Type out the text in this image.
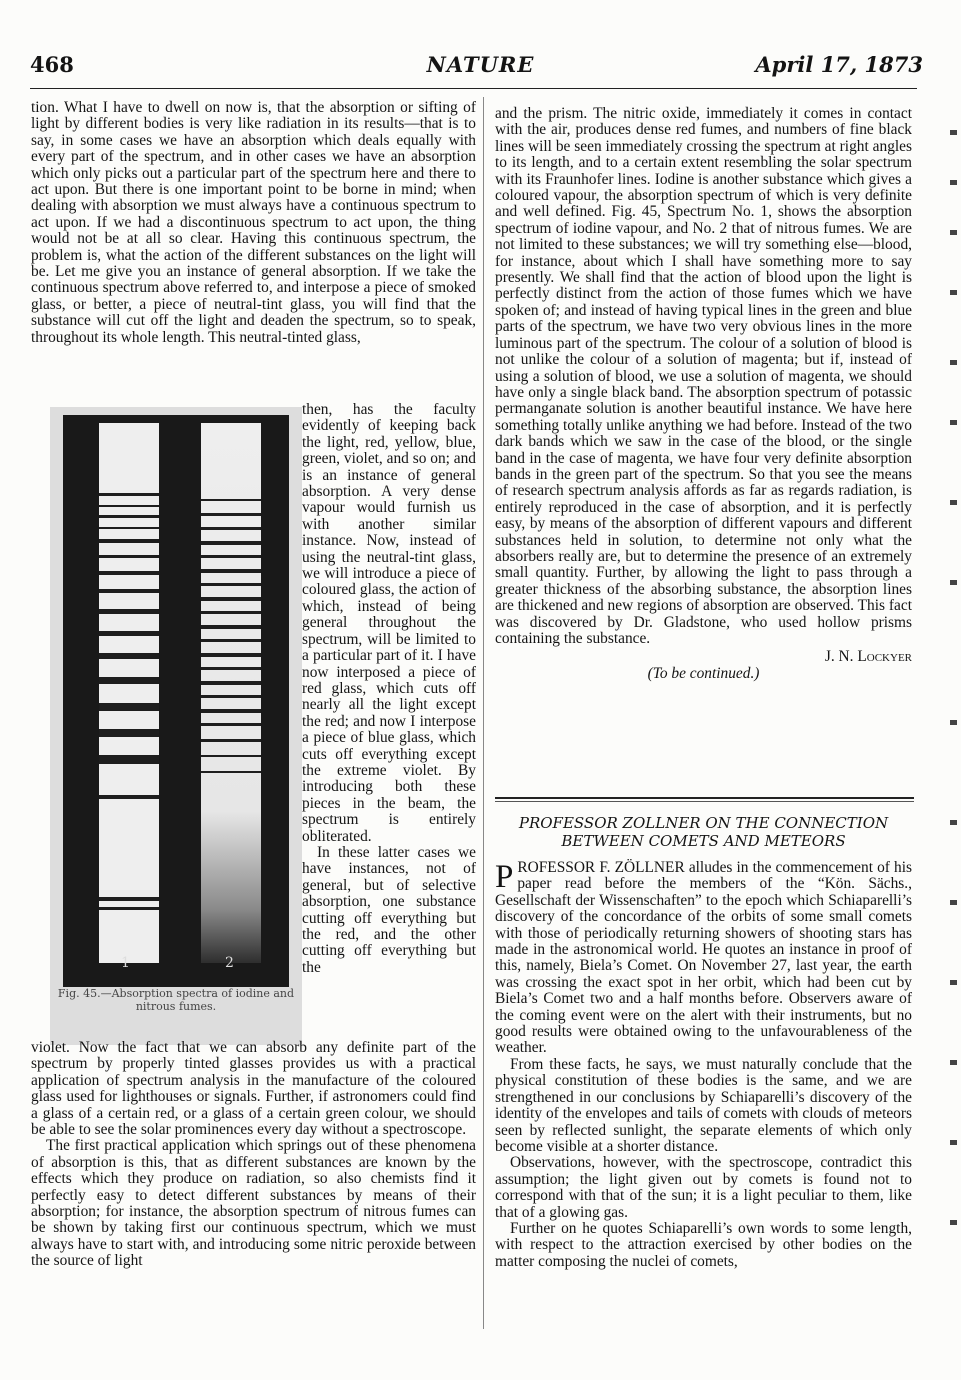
468	NATURE	April 17, 1873

tion. What I have to dwell on now is, that the absorption or sifting of light by different bodies is very like radiation in its results—that is to say, in some cases we have an absorption which deals equally with every part of the spectrum, and in other cases we have an absorption which only picks out a particular part of the spectrum here and there to act upon. But there is one important point to be borne in mind; when dealing with absorption we must always have a continuous spectrum to act upon. If we had a discontinuous spectrum to act upon, the thing would not be at all so clear. Having this continuous spectrum, the problem is, what the action of the different substances on the light will be. Let me give you an instance of general absorption. If we take the continuous spectrum above referred to, and interpose a piece of smoked glass, or better, a piece of neutral-tint glass, you will find that the substance will cut off the light and deaden the spectrum, so to speak, throughout its whole length. This neutral-tinted glass,

1	2
Fig. 45.—Absorption spectra of iodine and nitrous fumes.

then, has the faculty evidently of keeping back the light, red, yellow, blue, green, violet, and so on; and is an instance of general absorption. A very dense vapour would furnish us with another similar instance. Now, instead of using the neutral-tint glass, we will introduce a piece of coloured glass, the action of which, instead of being general throughout the spectrum, will be limited to a particular part of it. I have now interposed a piece of red glass, which cuts off nearly all the light except the red; and now I interpose a piece of blue glass, which cuts off everything except the extreme violet. By introducing both these pieces in the beam, the spectrum is entirely obliterated.

In these latter cases we have instances, not of general, but of selective absorption, one substance cutting off everything but the red, and the other cutting off everything but the

violet. Now the fact that we can absorb any definite part of the spectrum by properly tinted glasses provides us with a practical application of spectrum analysis in the manufacture of the coloured glass used for lighthouses or signals. Further, if astronomers could find a glass of a certain red, or a glass of a certain green colour, we should be able to see the solar prominences every day without a spectroscope.

The first practical application which springs out of these phenomena of absorption is this, that as different substances are known by the effects which they produce on radiation, so also chemists find it perfectly easy to detect different substances by means of their absorption; for instance, the absorption spectrum of nitrous fumes can be shown by taking first our continuous spectrum, which we must always have to start with, and introducing some nitric peroxide between the source of light

and the prism. The nitric oxide, immediately it comes in contact with the air, produces dense red fumes, and numbers of fine black lines will be seen immediately crossing the spectrum at right angles to its length, and to a certain extent resembling the solar spectrum with its Fraunhofer lines. Iodine is another substance which gives a coloured vapour, the absorption spectrum of which is very definite and well defined. Fig. 45, Spectrum No. 1, shows the absorption spectrum of iodine vapour, and No. 2 that of nitrous fumes. We are not limited to these substances; we will try something else—blood, for instance, about which I shall have something more to say presently. We shall find that the action of blood upon the light is perfectly distinct from the action of those fumes which we have spoken of; and instead of having typical lines in the green and blue parts of the spectrum, we have two very obvious lines in the more luminous part of the spectrum. The colour of a solution of blood is not unlike the colour of a solution of magenta; but if, instead of using a solution of blood, we use a solution of magenta, we should have only a single black band. The absorption spectrum of potassic permanganate solution is another beautiful instance. We have here something totally unlike anything we had before. Instead of the two dark bands which we saw in the case of the blood, or the single band in the case of magenta, we have four very definite absorption bands in the green part of the spectrum. So that you see the means of research spectrum analysis affords as far as regards radiation, is entirely reproduced in the case of absorption, and it is perfectly easy, by means of the absorption of different vapours and different substances held in solution, to determine not only what the absorbers really are, but to determine the presence of an extremely small quantity. Further, by allowing the light to pass through a greater thickness of the absorbing substance, the absorption lines are thickened and new regions of absorption are observed. This fact was discovered by Dr. Gladstone, who used hollow prisms containing the substance.

J. N. Lockyer

(To be continued.)

PROFESSOR ZOLLNER ON THE CONNECTION BETWEEN COMETS AND METEORS

PROFESSOR F. ZÖLLNER alludes in the commencement of his paper read before the members of the “Kön. Sächs., Gesellschaft der Wissenschaften” to the epoch which Schiaparelli’s discovery of the concordance of the orbits of some small comets with those of periodically returning showers of shooting stars has made in the astronomical world. He quotes an instance in proof of this, namely, Biela’s Comet. On November 27, last year, the earth was crossing the exact spot in her orbit, which had been cut by Biela’s Comet two and a half months before. Observers aware of the coming event were on the alert with their instruments, but no good results were obtained owing to the unfavourableness of the weather.

From these facts, he says, we must naturally conclude that the physical constitution of these bodies is the same, and we are strengthened in our conclusions by Schiaparelli’s discovery of the identity of the envelopes and tails of comets with clouds of meteors seen by reflected sunlight, the separate elements of which only become visible at a shorter distance.

Observations, however, with the spectroscope, contradict this assumption; the light given out by comets is found not to correspond with that of the sun; it is a light peculiar to them, like that of a glowing gas.

Further on he quotes Schiaparelli’s own words to some length, with respect to the attraction exercised by other bodies on the matter composing the nuclei of comets,
